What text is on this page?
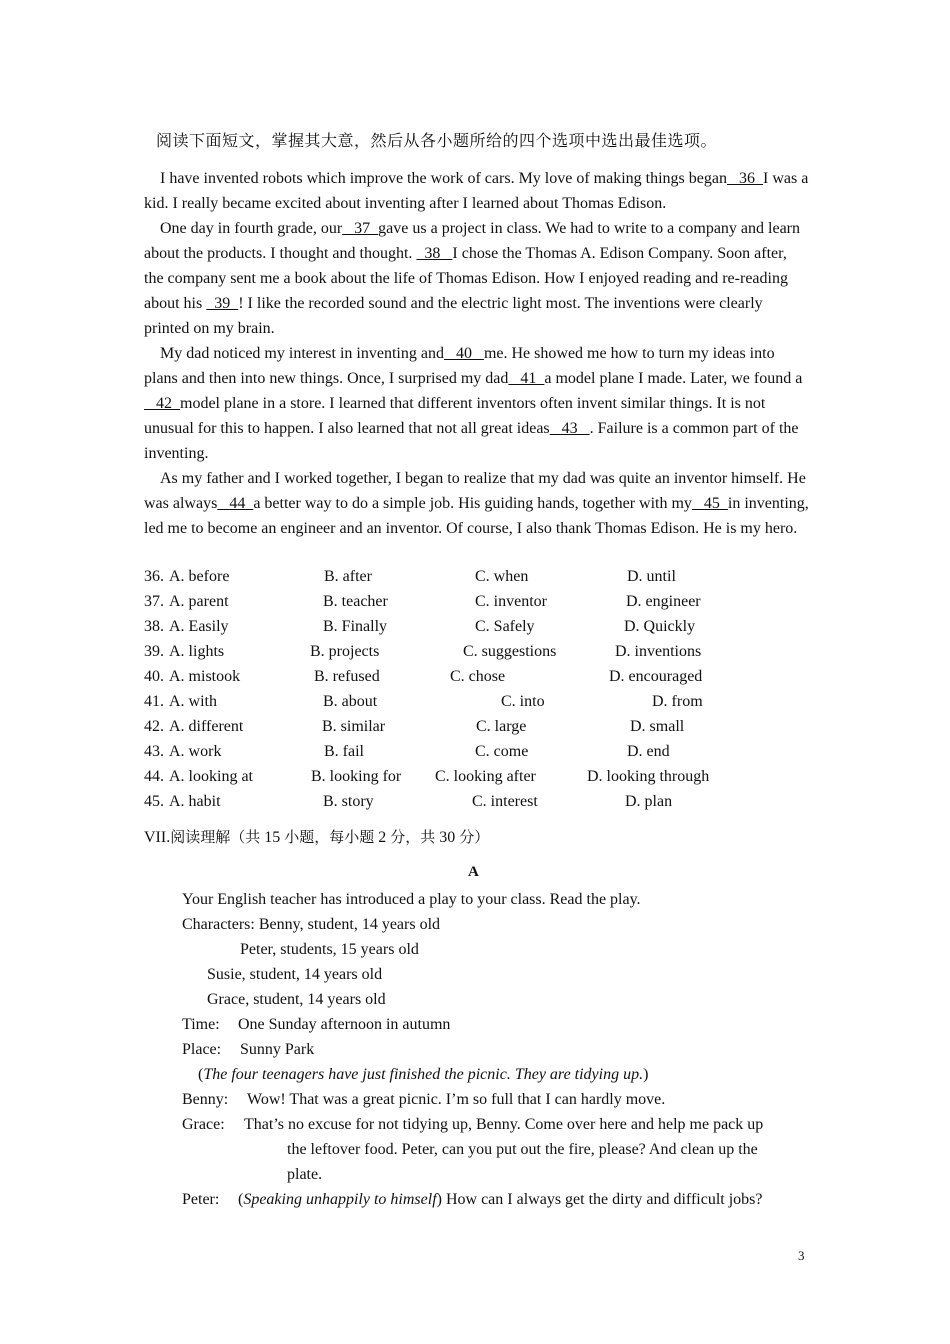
阅读下面短文，掌握其大意，然后从各小题所给的四个选项中选出最佳选项。

I have invented robots which improve the work of cars. My love of making things began   36  I was a kid. I really became excited about inventing after I learned about Thomas Edison.

One day in fourth grade, our   37  gave us a project in class. We had to write to a company and learn about the products. I thought and thought.   38   I chose the Thomas A. Edison Company. Soon after, the company sent me a book about the life of Thomas Edison. How I enjoyed reading and re-reading about his   39  ! I like the recorded sound and the electric light most. The inventions were clearly printed on my brain.

My dad noticed my interest in inventing and   40   me. He showed me how to turn my ideas into plans and then into new things. Once, I surprised my dad   41  a model plane I made. Later, we found a   42  model plane in a store. I learned that different inventors often invent similar things. It is not unusual for this to happen. I also learned that not all great ideas   43   . Failure is a common part of the inventing.

As my father and I worked together, I began to realize that my dad was quite an inventor himself. He was always   44  a better way to do a simple job. His guiding hands, together with my   45  in inventing, led me to become an engineer and an inventor. Of course, I also thank Thomas Edison. He is my hero.

36. A. before	B. after	C. when	D. until
37. A. parent	B. teacher	C. inventor	D. engineer
38. A. Easily	B. Finally	C. Safely	D. Quickly
39. A. lights	B. projects	C. suggestions	D. inventions
40. A. mistook	B. refused	C. chose	D. encouraged
41. A. with	B. about	C. into	D. from
42. A. different	B. similar	C. large	D. small
43. A. work	B. fail	C. come	D. end
44. A. looking at	B. looking for C. looking after	D. looking through
45. A. habit	B. story	C. interest	D. plan
VII.阅读理解（共 15 小题，每小题 2 分，共 30 分）
A
Your English teacher has introduced a play to your class. Read the play.
Characters: Benny, student, 14 years old
Peter, students, 15 years old
Susie, student, 14 years old
Grace, student, 14 years old
Time: One Sunday afternoon in autumn
Place: Sunny Park
(The four teenagers have just finished the picnic. They are tidying up.)
Benny: Wow! That was a great picnic. I’m so full that I can hardly move.
Grace: That’s no excuse for not tidying up, Benny. Come over here and help me pack up
the leftover food. Peter, can you put out the fire, please? And clean up the
plate.
Peter: (Speaking unhappily to himself) How can I always get the dirty and difficult jobs?
3
